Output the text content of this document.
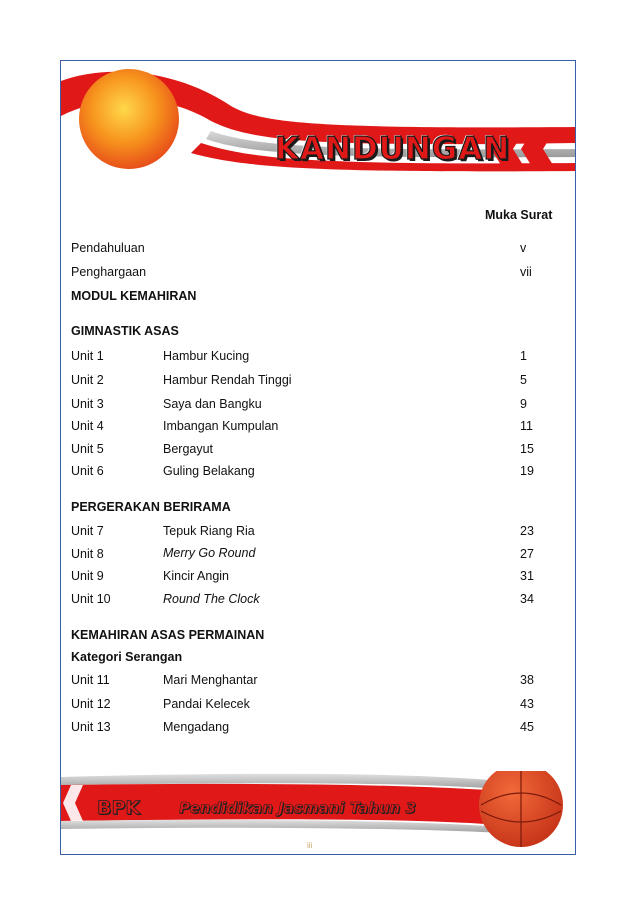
KANDUNGAN
Muka Surat
Pendahuluan	v
Penghargaan	vii
MODUL KEMAHIRAN
GIMNASTIK ASAS
Unit 1	Hambur Kucing	1
Unit 2	Hambur Rendah Tinggi	5
Unit 3	Saya dan Bangku	9
Unit 4	Imbangan Kumpulan	11
Unit 5	Bergayut	15
Unit 6	Guling Belakang	19
PERGERAKAN BERIRAMA
Unit 7	Tepuk Riang Ria	23
Unit 8	Merry Go Round	27
Unit 9	Kincir Angin	31
Unit 10	Round The Clock	34
KEMAHIRAN ASAS PERMAINAN
Kategori Serangan
Unit 11	Mari Menghantar	38
Unit 12	Pandai Kelecek	43
Unit 13	Mengadang	45
BPK	Pendidikan Jasmani Tahun 3
iii
